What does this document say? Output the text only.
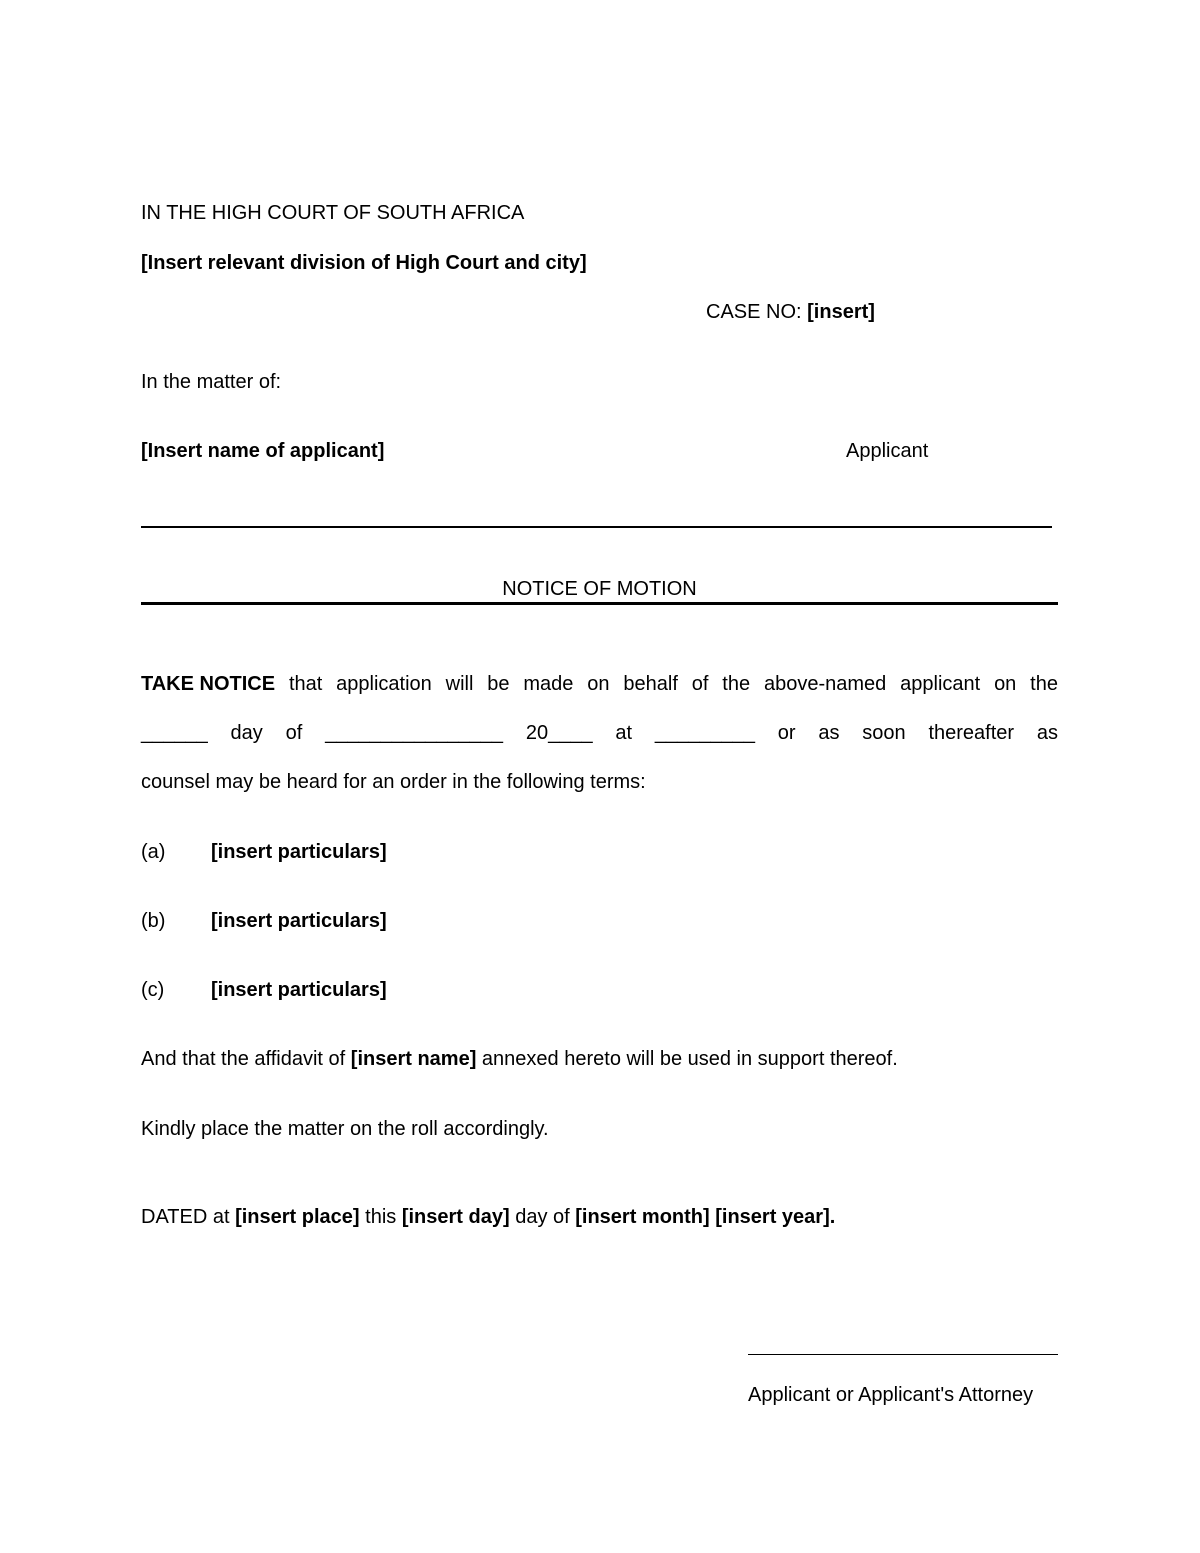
IN THE HIGH COURT OF SOUTH AFRICA
[Insert relevant division of High Court and city]
CASE NO: [insert]
In the matter of:
[Insert name of applicant]	Applicant
NOTICE OF MOTION
TAKE NOTICE that application will be made on behalf of the above-named applicant on the
______ day of ________________ 20____ at _________ or as soon thereafter as
counsel may be heard for an order in the following terms:
(a) [insert particulars]
(b) [insert particulars]
(c) [insert particulars]
And that the affidavit of [insert name] annexed hereto will be used in support thereof.
Kindly place the matter on the roll accordingly.
DATED at [insert place] this [insert day] day of [insert month] [insert year].
Applicant or Applicant's Attorney
